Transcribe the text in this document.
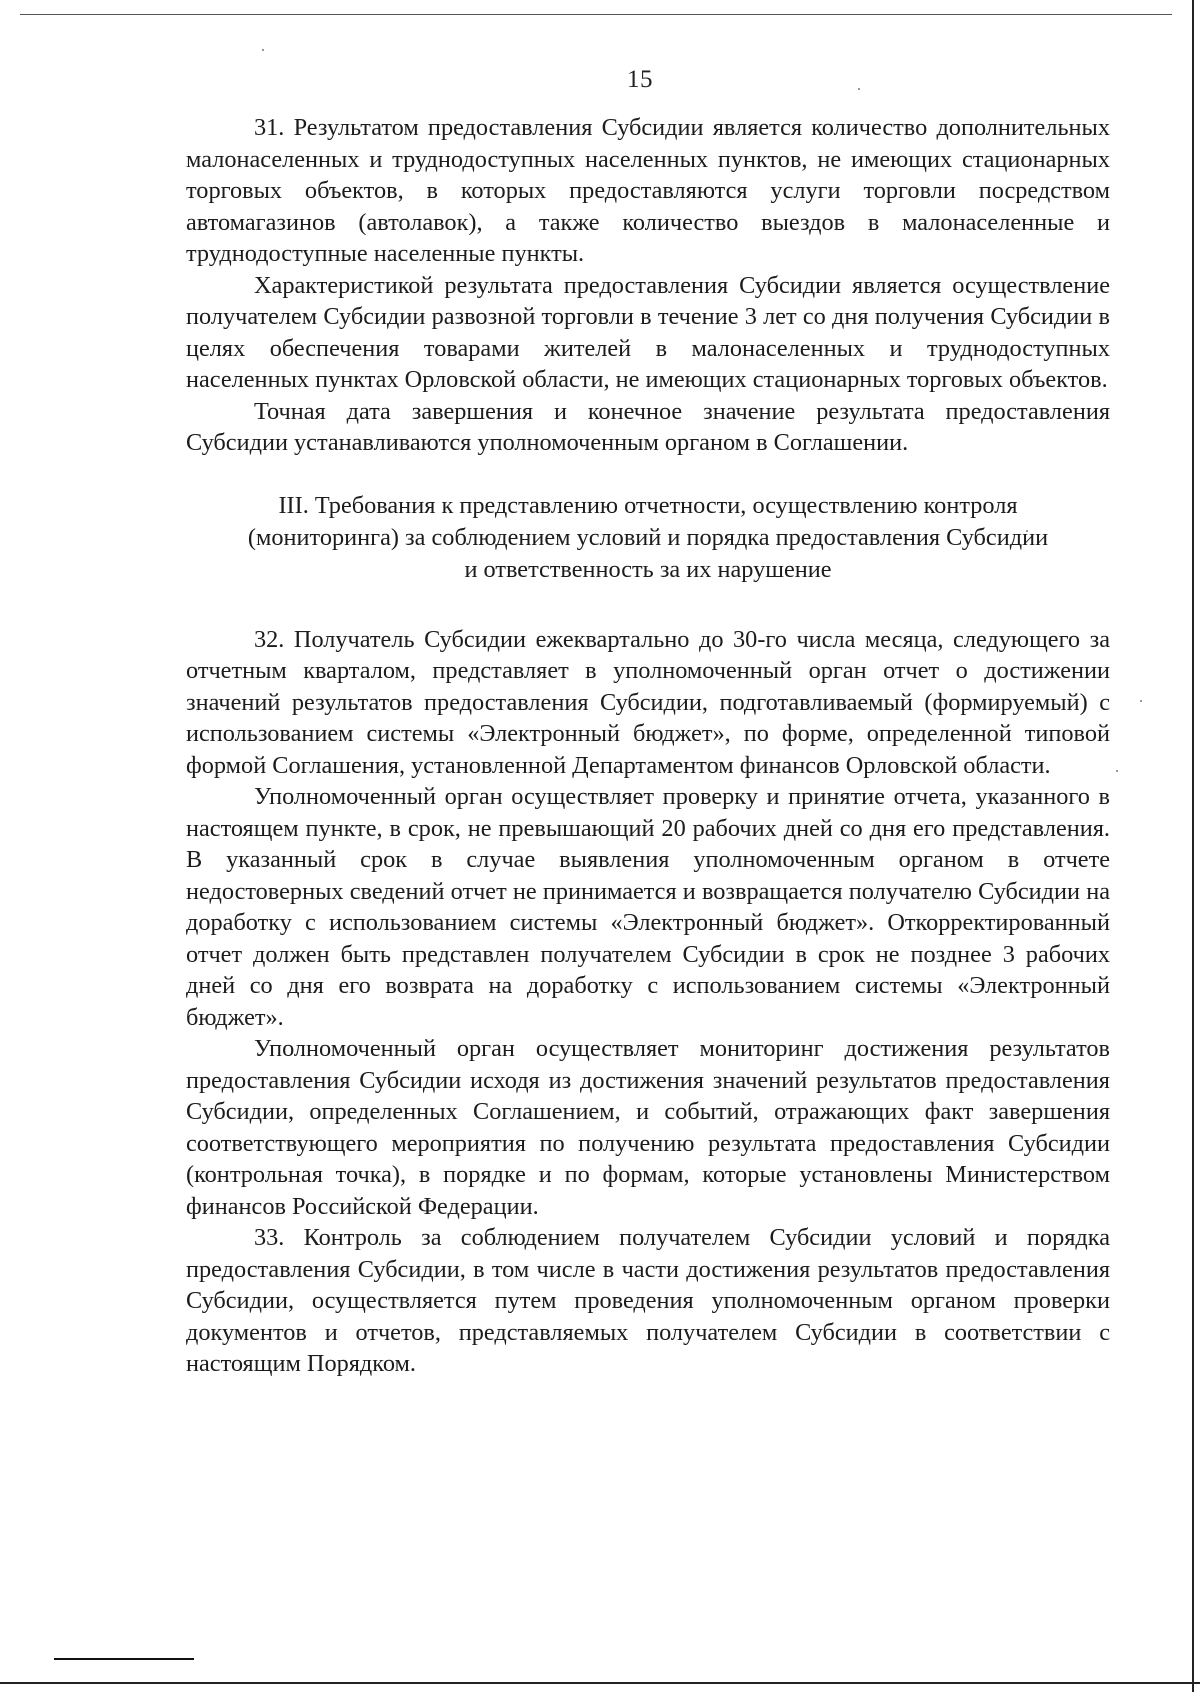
15

31. Результатом предоставления Субсидии является количество дополнительных малонаселенных и труднодоступных населенных пунктов, не имеющих стационарных торговых объектов, в которых предоставляются услуги торговли посредством автомагазинов (автолавок), а также количество выездов в малонаселенные и труднодоступные населенные пункты.

Характеристикой результата предоставления Субсидии является осуществление получателем Субсидии развозной торговли в течение 3 лет со дня получения Субсидии в целях обеспечения товарами жителей в малонаселенных и труднодоступных населенных пунктах Орловской области, не имеющих стационарных торговых объектов.

Точная дата завершения и конечное значение результата предоставления Субсидии устанавливаются уполномоченным органом в Соглашении.

III. Требования к представлению отчетности, осуществлению контроля
(мониторинга) за соблюдением условий и порядка предоставления Субсидии
и ответственность за их нарушение

32. Получатель Субсидии ежеквартально до 30-го числа месяца, следующего за отчетным кварталом, представляет в уполномоченный орган отчет о достижении значений результатов предоставления Субсидии, подготавливаемый (формируемый) с использованием системы «Электронный бюджет», по форме, определенной типовой формой Соглашения, установленной Департаментом финансов Орловской области.

Уполномоченный орган осуществляет проверку и принятие отчета, указанного в настоящем пункте, в срок, не превышающий 20 рабочих дней со дня его представления. В указанный срок в случае выявления уполномоченным органом в отчете недостоверных сведений отчет не принимается и возвращается получателю Субсидии на доработку с использованием системы «Электронный бюджет». Откорректированный отчет должен быть представлен получателем Субсидии в срок не позднее 3 рабочих дней со дня его возврата на доработку с использованием системы «Электронный бюджет».

Уполномоченный орган осуществляет мониторинг достижения результатов предоставления Субсидии исходя из достижения значений результатов предоставления Субсидии, определенных Соглашением, и событий, отражающих факт завершения соответствующего мероприятия по получению результата предоставления Субсидии (контрольная точка), в порядке и по формам, которые установлены Министерством финансов Российской Федерации.

33. Контроль за соблюдением получателем Субсидии условий и порядка предоставления Субсидии, в том числе в части достижения результатов предоставления Субсидии, осуществляется путем проведения уполномоченным органом проверки документов и отчетов, представляемых получателем Субсидии в соответствии с настоящим Порядком.
